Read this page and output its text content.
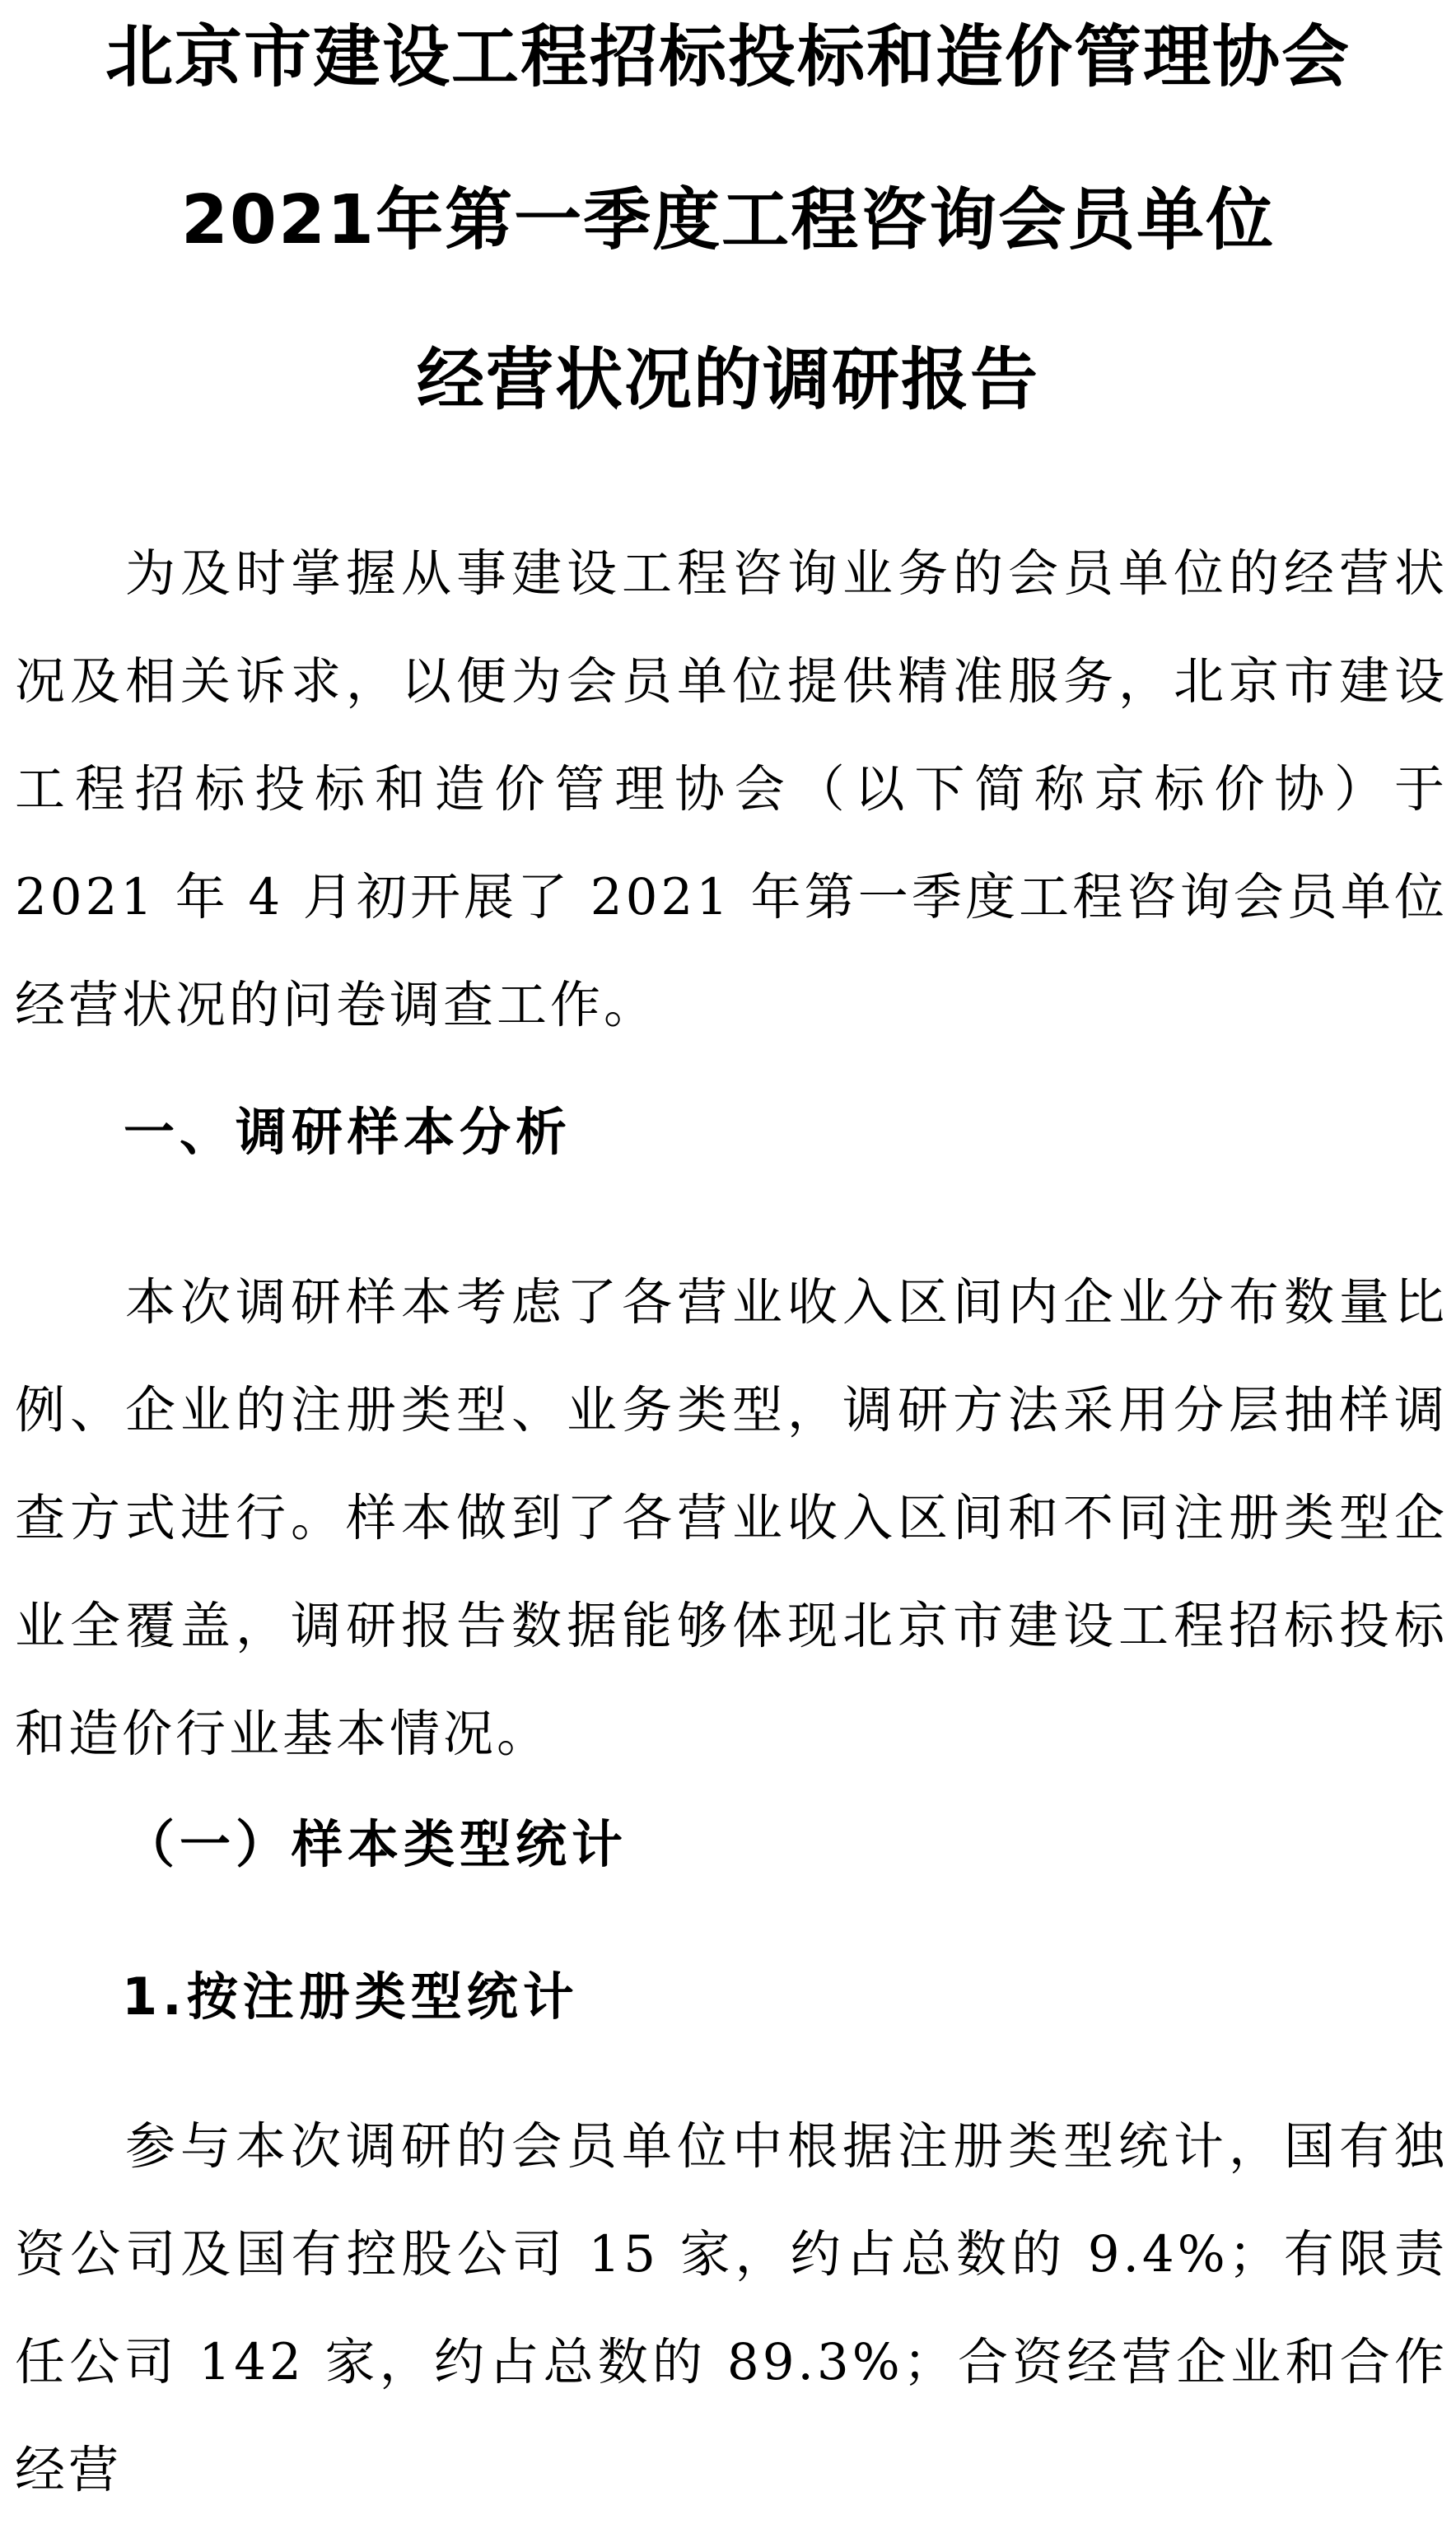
北京市建设工程招标投标和造价管理协会
2021年第一季度工程咨询会员单位
经营状况的调研报告

为及时掌握从事建设工程咨询业务的会员单位的经营状况及相关诉求，以便为会员单位提供精准服务，北京市建设工程招标投标和造价管理协会（以下简称京标价协）于 2021 年 4 月初开展了 2021 年第一季度工程咨询会员单位经营状况的问卷调查工作。

一、调研样本分析

本次调研样本考虑了各营业收入区间内企业分布数量比例、企业的注册类型、业务类型，调研方法采用分层抽样调查方式进行。样本做到了各营业收入区间和不同注册类型企业全覆盖，调研报告数据能够体现北京市建设工程招标投标和造价行业基本情况。

（一）样本类型统计
1.按注册类型统计

参与本次调研的会员单位中根据注册类型统计，国有独资公司及国有控股公司 15 家，约占总数的 9.4%；有限责任公司 142 家，约占总数的 89.3%；合资经营企业和合作经营
